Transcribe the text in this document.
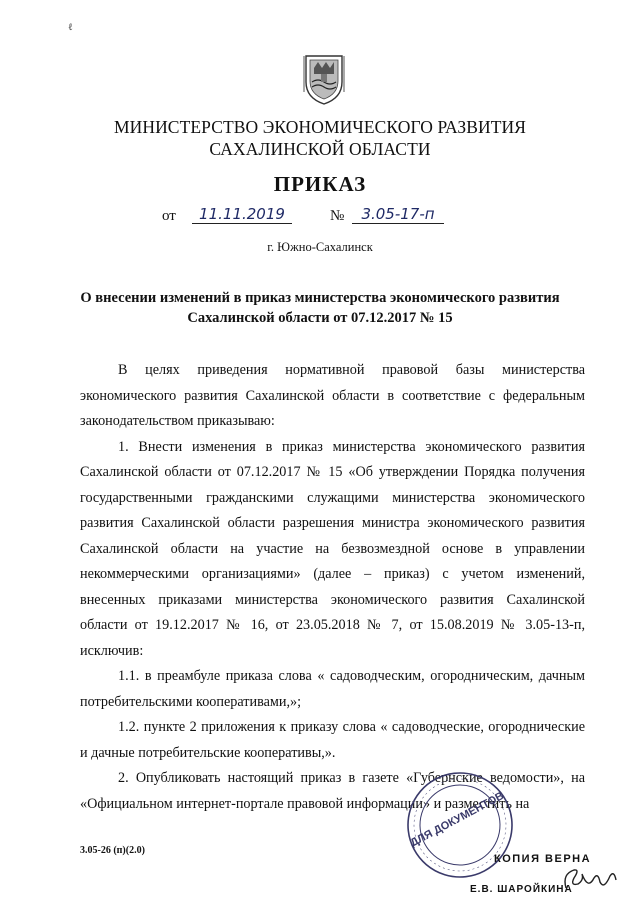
ℓ
МИНИСТЕРСТВО ЭКОНОМИЧЕСКОГО РАЗВИТИЯ
САХАЛИНСКОЙ ОБЛАСТИ
ПРИКАЗ
от	11.11.2019	№	3.05-17-п
г. Южно-Сахалинск
О внесении изменений в приказ министерства экономического развития
Сахалинской области от 07.12.2017 № 15

В целях приведения нормативной правовой базы министерства экономического развития Сахалинской области в соответствие с федеральным законодательством приказываю:

1. Внести изменения в приказ министерства экономического развития Сахалинской области от 07.12.2017 № 15 «Об утверждении Порядка получения государственными гражданскими служащими министерства экономического развития Сахалинской области разрешения министра экономического развития Сахалинской области на участие на безвозмездной основе в управлении некоммерческими организациями» (далее – приказ) с учетом изменений, внесенных приказами министерства экономического развития Сахалинской области от 19.12.2017 № 16, от 23.05.2018 № 7, от 15.08.2019 № 3.05-13-п, исключив:

1.1. в преамбуле приказа слова « садоводческим, огородническим, дачным потребительскими кооперативами,»;

1.2. пункте 2 приложения к приказу слова « садоводческие, огороднические и дачные потребительские кооперативы,».

2. Опубликовать настоящий приказ в газете «Губернские ведомости», на «Официальном интернет-портале правовой информации» и разместить на

3.05-26 (п)(2.0)
ДЛЯ ДОКУМЕНТОВ
КОПИЯ ВЕРНА
Е.В. ШАРОЙКИНА
